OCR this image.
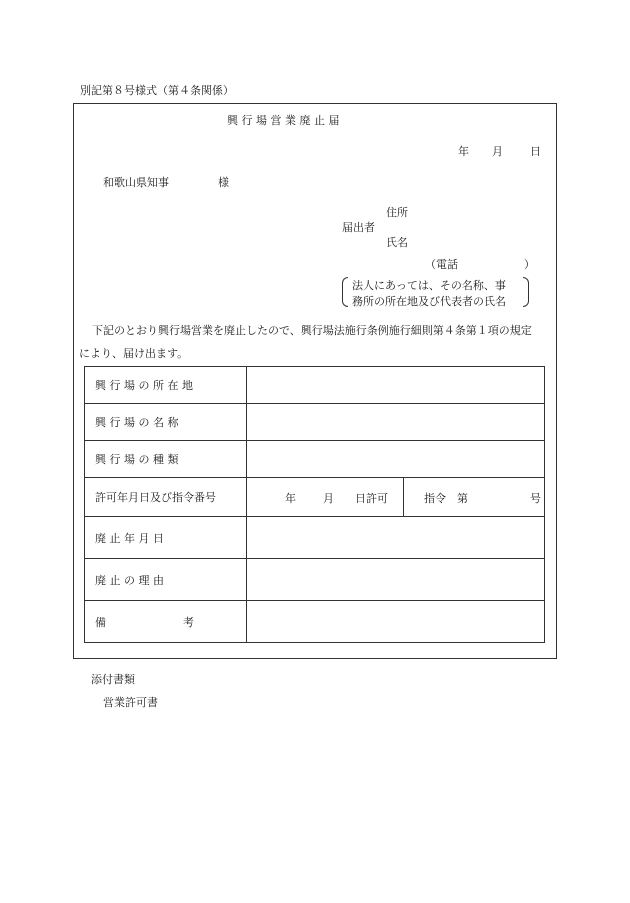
別記第８号様式（第４条関係）
興 行 場 営 業 廃 止 届
年 月 日
和歌山県知事	様
住所
届出者
氏名
（電話　　　　　　）
法人にあっては、その名称、事
務所の所在地及び代表者の氏名
下記のとおり興行場営業を廃止したので、興行場法施行条例施行細則第４条第１項の規定
により、届け出ます。
興 行 場 の 所 在 地	
興 行 場 の 名 称	
興 行 場 の 種 類	
許可年月日及び指令番号	年 月 日許可 指令　第 号

廃 止 年 月 日	
廃 止 の 理 由	
備　　　　　　　考	
添付書類
営業許可書
